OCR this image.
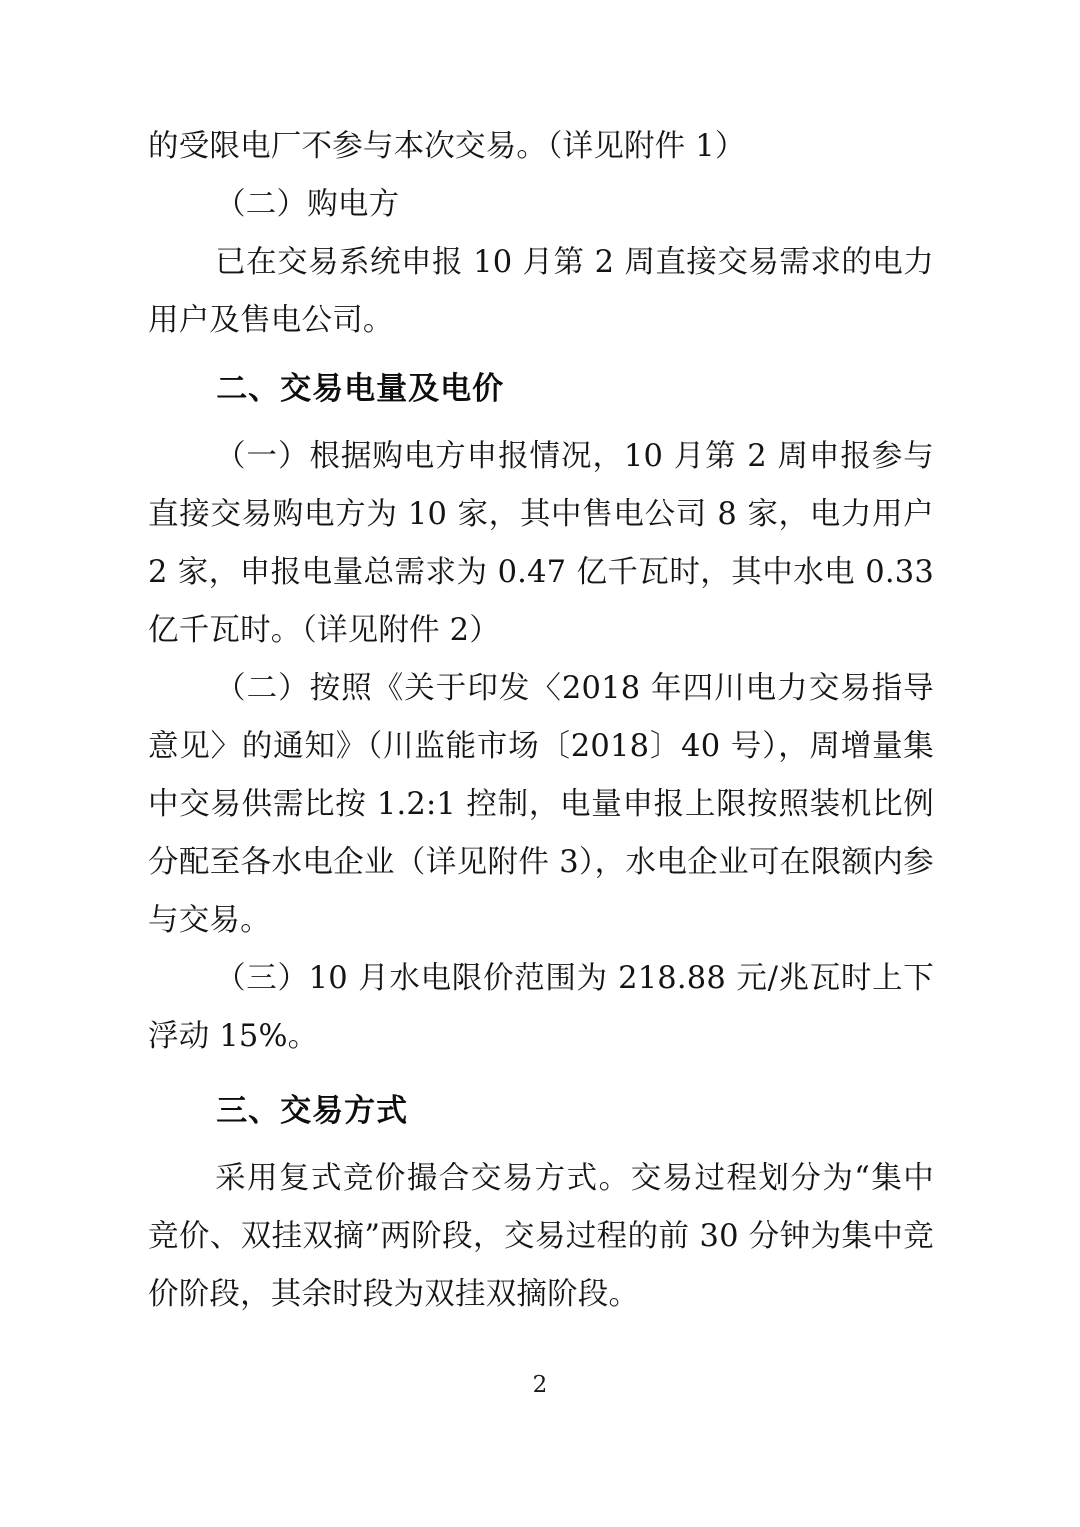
的受限电厂不参与本次交易。（详见附件 1）

（二）购电方

已在交易系统申报 10 月第 2 周直接交易需求的电力用户及售电公司。

二、交易电量及电价

（一）根据购电方申报情况，10 月第 2 周申报参与直接交易购电方为 10 家，其中售电公司 8 家，电力用户 2 家，申报电量总需求为 0.47 亿千瓦时，其中水电 0.33 亿千瓦时。（详见附件 2）

（二）按照《关于印发〈2018 年四川电力交易指导意见〉的通知》（川监能市场〔2018〕40 号），周增量集中交易供需比按 1.2:1 控制，电量申报上限按照装机比例分配至各水电企业（详见附件 3），水电企业可在限额内参与交易。

（三）10 月水电限价范围为 218.88 元/兆瓦时上下浮动 15%。

三、交易方式

采用复式竞价撮合交易方式。交易过程划分为“集中竞价、双挂双摘”两阶段，交易过程的前 30 分钟为集中竞价阶段，其余时段为双挂双摘阶段。

2
